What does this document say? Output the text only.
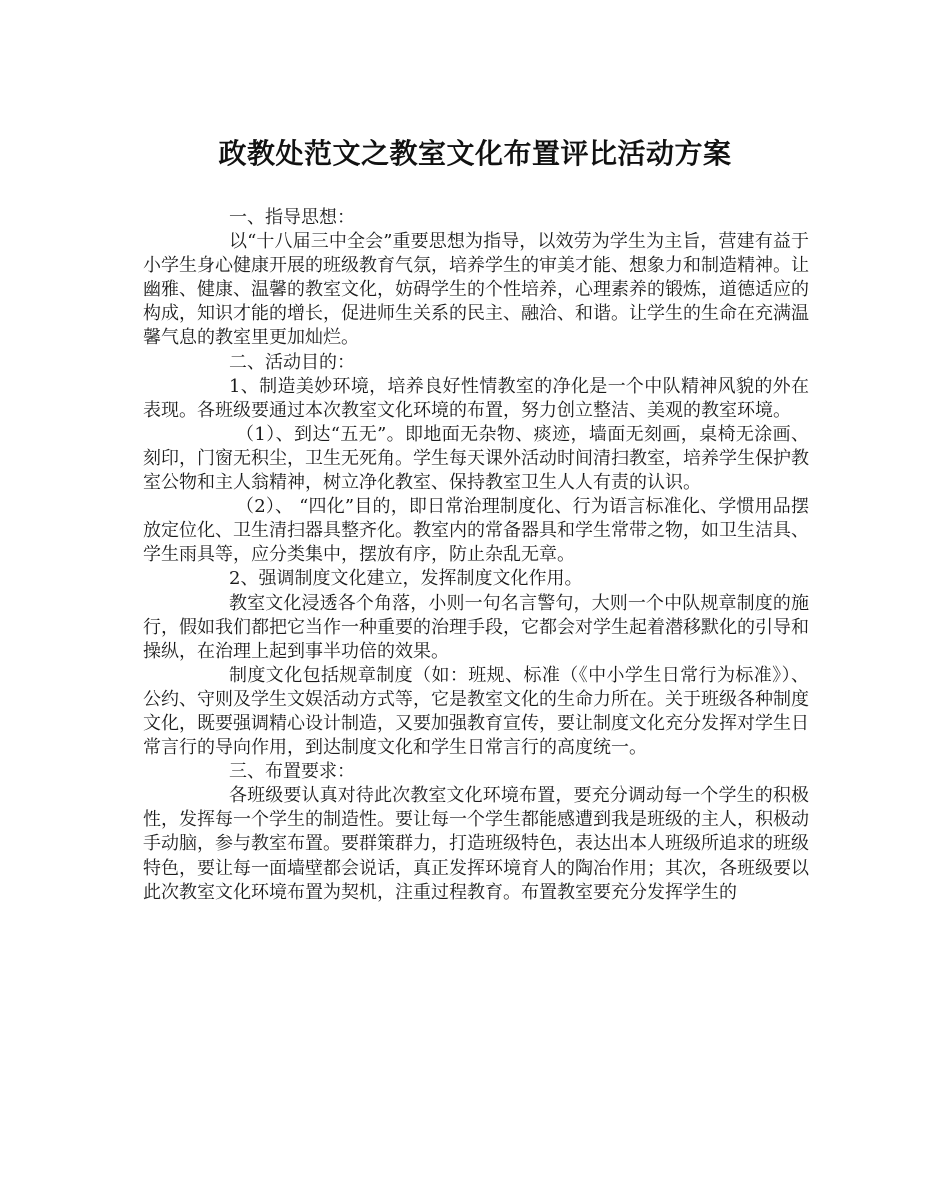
政教处范文之教室文化布置评比活动方案

一、指导思想：

以“十八届三中全会”重要思想为指导，以效劳为学生为主旨，营建有益于小学生身心健康开展的班级教育气氛，培养学生的审美才能、想象力和制造精神。让幽雅、健康、温馨的教室文化，妨碍学生的个性培养，心理素养的锻炼，道德适应的构成，知识才能的增长，促进师生关系的民主、融洽、和谐。让学生的生命在充满温馨气息的教室里更加灿烂。

二、活动目的：

1、制造美妙环境，培养良好性情教室的净化是一个中队精神风貌的外在表现。各班级要通过本次教室文化环境的布置，努力创立整洁、美观的教室环境。

（1）、到达“五无”。即地面无杂物、痰迹，墙面无刻画，桌椅无涂画、刻印，门窗无积尘，卫生无死角。学生每天课外活动时间清扫教室，培养学生保护教室公物和主人翁精神，树立净化教室、保持教室卫生人人有责的认识。

（2）、 “四化”目的，即日常治理制度化、行为语言标准化、学惯用品摆放定位化、卫生清扫器具整齐化。教室内的常备器具和学生常带之物，如卫生洁具、学生雨具等，应分类集中，摆放有序，防止杂乱无章。

2、强调制度文化建立，发挥制度文化作用。

教室文化浸透各个角落，小则一句名言警句，大则一个中队规章制度的施行，假如我们都把它当作一种重要的治理手段，它都会对学生起着潜移默化的引导和操纵，在治理上起到事半功倍的效果。

制度文化包括规章制度（如：班规、标准（《中小学生日常行为标准》）、公约、守则及学生文娱活动方式等，它是教室文化的生命力所在。关于班级各种制度文化，既要强调精心设计制造，又要加强教育宣传，要让制度文化充分发挥对学生日常言行的导向作用，到达制度文化和学生日常言行的高度统一。

三、布置要求：

各班级要认真对待此次教室文化环境布置，要充分调动每一个学生的积极性，发挥每一个学生的制造性。要让每一个学生都能感遭到我是班级的主人，积极动手动脑，参与教室布置。要群策群力，打造班级特色，表达出本人班级所追求的班级特色，要让每一面墙壁都会说话，真正发挥环境育人的陶冶作用；其次，各班级要以此次教室文化环境布置为契机，注重过程教育。布置教室要充分发挥学生的
